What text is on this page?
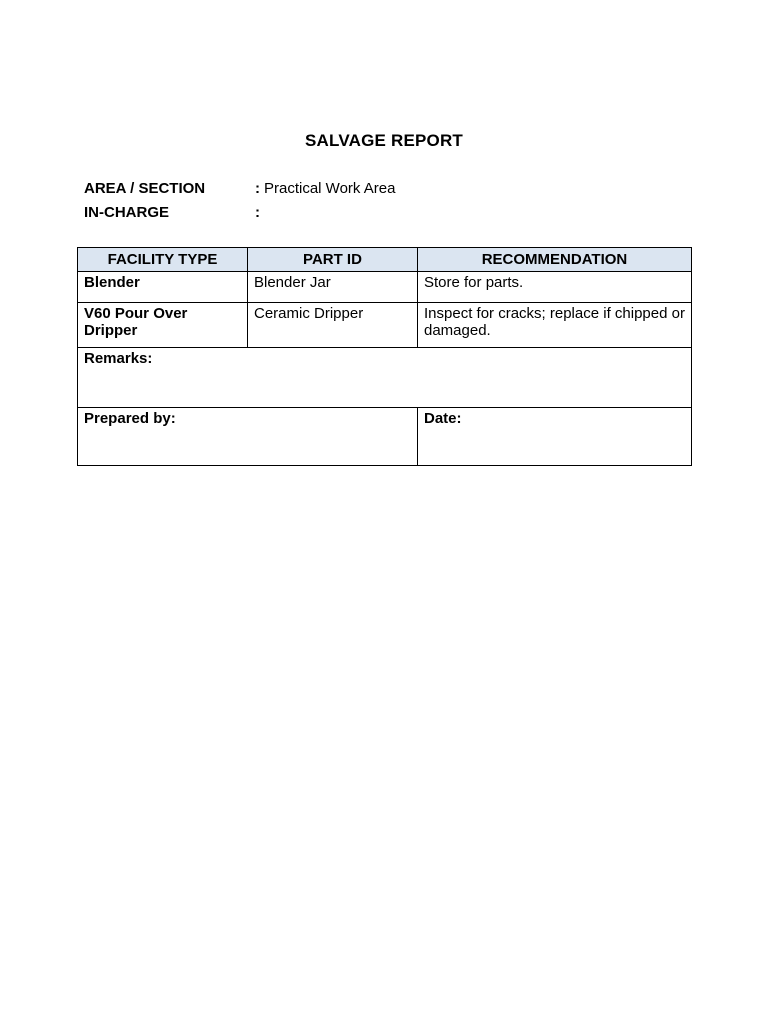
SALVAGE REPORT
AREA / SECTION	: Practical Work Area
IN-CHARGE	:
FACILITY TYPE	PART ID	RECOMMENDATION
Blender	Blender Jar	Store for parts.
V60 Pour Over Dripper	Ceramic Dripper	Inspect for cracks; replace if chipped or damaged.
Remarks:		
Prepared by:		Date:
